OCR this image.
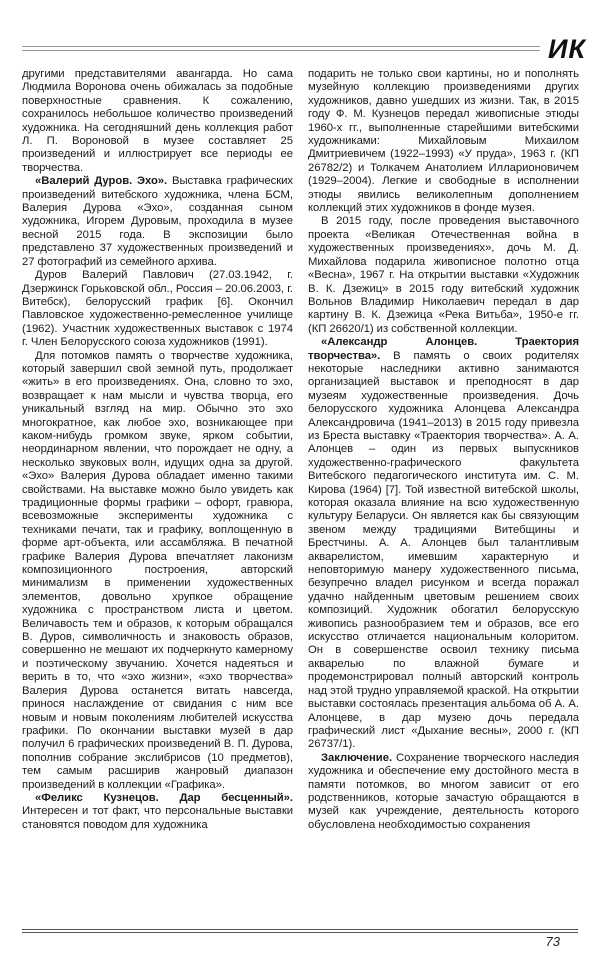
ИК

другими представителями авангарда. Но сама Людмила Воронова очень обижалась за подобные поверхностные сравнения. К сожалению, сохранилось небольшое количество произведений художника. На сегодняшний день коллекция работ Л. П. Вороновой в музее составляет 25 произведений и иллюстрирует все периоды ее творчества.

«Валерий Дуров. Эхо». Выставка графических произведений витебского художника, члена БСМ, Валерия Дурова «Эхо», созданная сыном художника, Игорем Дуровым, проходила в музее весной 2015 года. В экспозиции было представлено 37 художественных произведений и 27 фотографий из семейного архива.

Дуров Валерий Павлович (27.03.1942, г. Дзержинск Горьковской обл., Россия – 20.06.2003, г. Витебск), белорусский график [6]. Окончил Павловское художественно-ремесленное училище (1962). Участник художественных выставок с 1974 г. Член Белорусского союза художников (1991).

Для потомков память о творчестве художника, который завершил свой земной путь, продолжает «жить» в его произведениях. Она, словно то эхо, возвращает к нам мысли и чувства творца, его уникальный взгляд на мир. Обычно это эхо многократное, как любое эхо, возникающее при каком-нибудь громком звуке, ярком событии, неординарном явлении, что порождает не одну, а несколько звуковых волн, идущих одна за другой. «Эхо» Валерия Дурова обладает именно такими свойствами. На выставке можно было увидеть как традиционные формы графики – офорт, гравюра, всевозможные эксперименты художника с техниками печати, так и графику, воплощенную в форме арт-объекта, или ассамбляжа. В печатной графике Валерия Дурова впечатляет лаконизм композиционного построения, авторский минимализм в применении художественных элементов, довольно хрупкое обращение художника с пространством листа и цветом. Величавость тем и образов, к которым обращался В. Дуров, символичность и знаковость образов, совершенно не мешают их подчеркнуто камерному и поэтическому звучанию. Хочется надеяться и верить в то, что «эхо жизни», «эхо творчества» Валерия Дурова останется витать навсегда, принося наслаждение от свидания с ним все новым и новым поколениям любителей искусства графики. По окончании выставки музей в дар получил 6 графических произведений В. П. Дурова, пополнив собрание экслибрисов (10 предметов), тем самым расширив жанровый диапазон произведений в коллекции «Графика».

«Феликс Кузнецов. Дар бесценный». Интересен и тот факт, что персональные выставки становятся поводом для художника

подарить не только свои картины, но и пополнять музейную коллекцию произведениями других художников, давно ушедших из жизни. Так, в 2015 году Ф. М. Кузнецов передал живописные этюды 1960-х гг., выполненные старейшими витебскими художниками: Михайловым Михаилом Дмитриевичем (1922–1993) «У пруда», 1963 г. (КП 26782/2) и Толкачем Анатолием Илларионовичем (1929–2004). Легкие и свободные в исполнении этюды явились великолепным дополнением коллекций этих художников в фонде музея.

В 2015 году, после проведения выставочного проекта «Великая Отечественная война в художественных произведениях», дочь М. Д. Михайлова подарила живописное полотно отца «Весна», 1967 г. На открытии выставки «Художник В. К. Дзежиц» в 2015 году витебский художник Вольнов Владимир Николаевич передал в дар картину В. К. Дзежица «Река Витьба», 1950-е гг. (КП 26620/1) из собственной коллекции.

«Александр Алонцев. Траектория творчества». В память о своих родителях некоторые наследники активно занимаются организацией выставок и преподносят в дар музеям художественные произведения. Дочь белорусского художника Алонцева Александра Александровича (1941–2013) в 2015 году привезла из Бреста выставку «Траектория творчества». А. А. Алонцев – один из первых выпускников художественно-графического факультета Витебского педагогического института им. С. М. Кирова (1964) [7]. Той известной витебской школы, которая оказала влияние на всю художественную культуру Беларуси. Он является как бы связующим звеном между традициями Витебщины и Брестчины. А. А. Алонцев был талантливым акварелистом, имевшим характерную и неповторимую манеру художественного письма, безупречно владел рисунком и всегда поражал удачно найденным цветовым решением своих композиций. Художник обогатил белорусскую живопись разнообразием тем и образов, все его искусство отличается национальным колоритом. Он в совершенстве освоил технику письма акварелью по влажной бумаге и продемонстрировал полный авторский контроль над этой трудно управляемой краской. На открытии выставки состоялась презентация альбома об А. А. Алонцеве, в дар музею дочь передала графический лист «Дыхание весны», 2000 г. (КП 26737/1).

Заключение. Сохранение творческого наследия художника и обеспечение ему достойного места в памяти потомков, во многом зависит от его родственников, которые зачастую обращаются в музей как учреждение, деятельность которого обусловлена необходимостью сохранения

73
